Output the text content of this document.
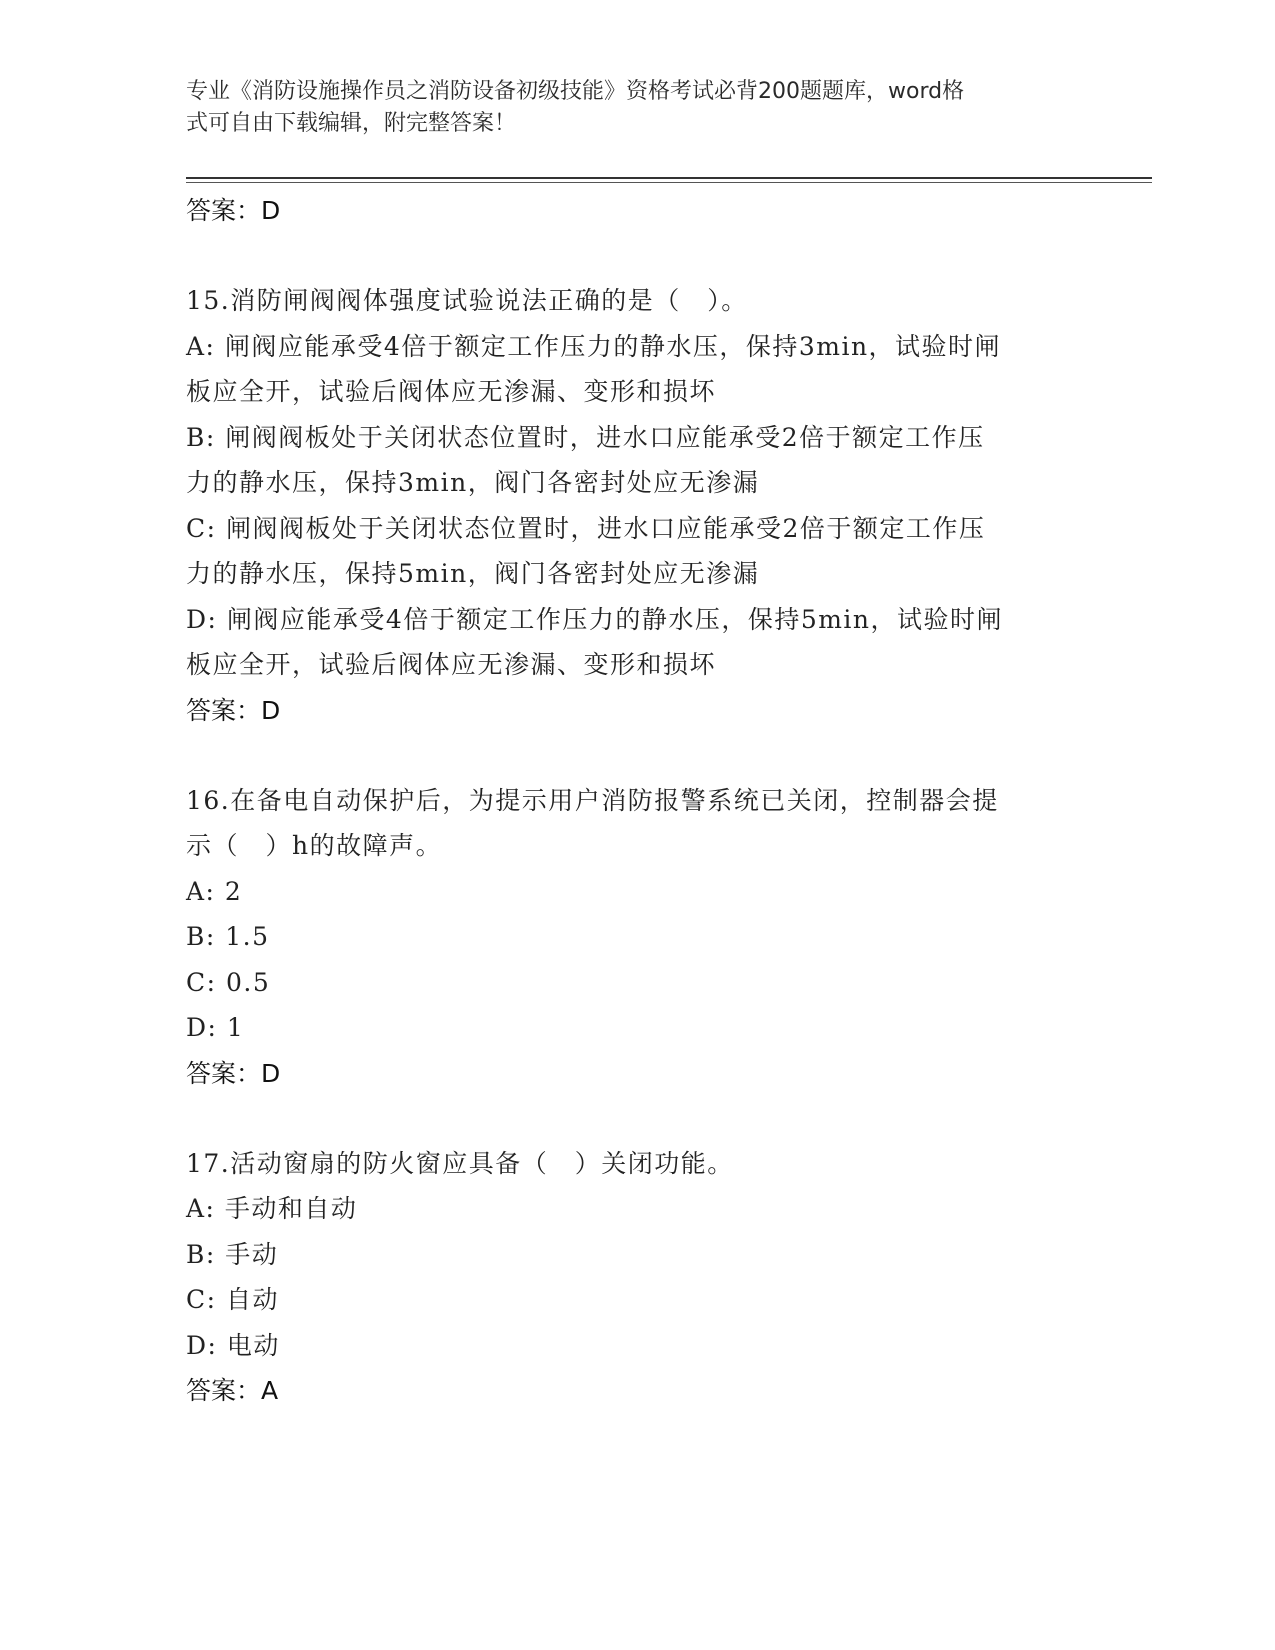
专业《消防设施操作员之消防设备初级技能》资格考试必背200题题库，word格
式可自由下载编辑，附完整答案！
答案：D
15.消防闸阀阀体强度试验说法正确的是（　）。
A: 闸阀应能承受4倍于额定工作压力的静水压，保持3min，试验时闸
板应全开，试验后阀体应无渗漏、变形和损坏
B: 闸阀阀板处于关闭状态位置时，进水口应能承受2倍于额定工作压
力的静水压，保持3min，阀门各密封处应无渗漏
C: 闸阀阀板处于关闭状态位置时，进水口应能承受2倍于额定工作压
力的静水压，保持5min，阀门各密封处应无渗漏
D: 闸阀应能承受4倍于额定工作压力的静水压，保持5min，试验时闸
板应全开，试验后阀体应无渗漏、变形和损坏
答案：D
16.在备电自动保护后，为提示用户消防报警系统已关闭，控制器会提
示（　）h的故障声。
A: 2
B: 1.5
C: 0.5
D: 1
答案：D
17.活动窗扇的防火窗应具备（　）关闭功能。
A: 手动和自动
B: 手动
C: 自动
D: 电动
答案：A
